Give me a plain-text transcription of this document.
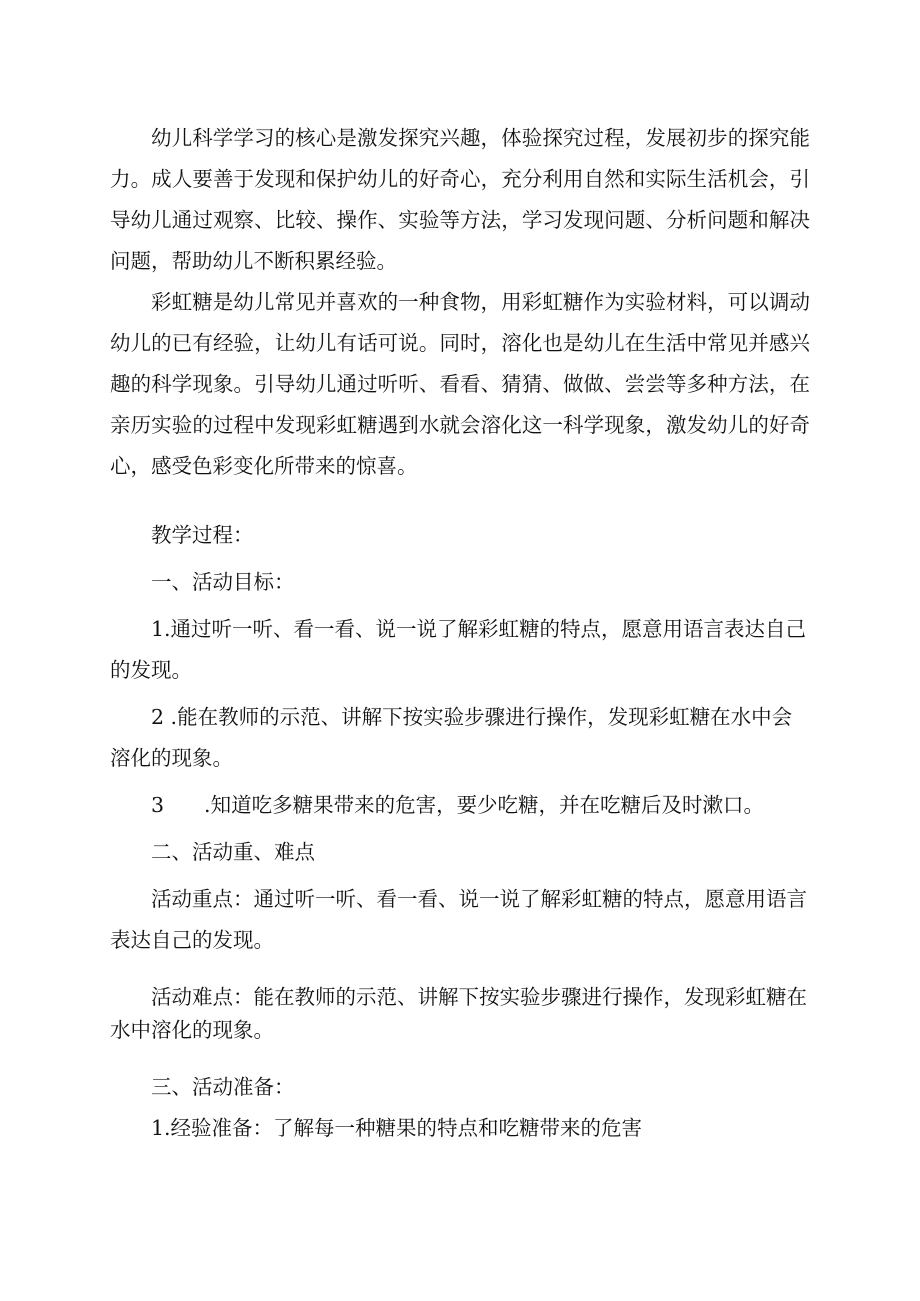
幼儿科学学习的核心是激发探究兴趣，体验探究过程，发展初步的探究能力。成人要善于发现和保护幼儿的好奇心，充分利用自然和实际生活机会，引导幼儿通过观察、比较、操作、实验等方法，学习发现问题、分析问题和解决问题，帮助幼儿不断积累经验。

彩虹糖是幼儿常见并喜欢的一种食物，用彩虹糖作为实验材料，可以调动幼儿的已有经验，让幼儿有话可说。同时，溶化也是幼儿在生活中常见并感兴趣的科学现象。引导幼儿通过听听、看看、猜猜、做做、尝尝等多种方法，在亲历实验的过程中发现彩虹糖遇到水就会溶化这一科学现象，激发幼儿的好奇心，感受色彩变化所带来的惊喜。

教学过程：

一、活动目标：

1.通过听一听、看一看、说一说了解彩虹糖的特点，愿意用语言表达自己的发现。

2 .能在教师的示范、讲解下按实验步骤进行操作，发现彩虹糖在水中会溶化的现象。

3 .知道吃多糖果带来的危害，要少吃糖，并在吃糖后及时漱口。

二、活动重、难点

活动重点：通过听一听、看一看、说一说了解彩虹糖的特点，愿意用语言表达自己的发现。

活动难点：能在教师的示范、讲解下按实验步骤进行操作，发现彩虹糖在水中溶化的现象。

三、活动准备：

1.经验准备：了解每一种糖果的特点和吃糖带来的危害
